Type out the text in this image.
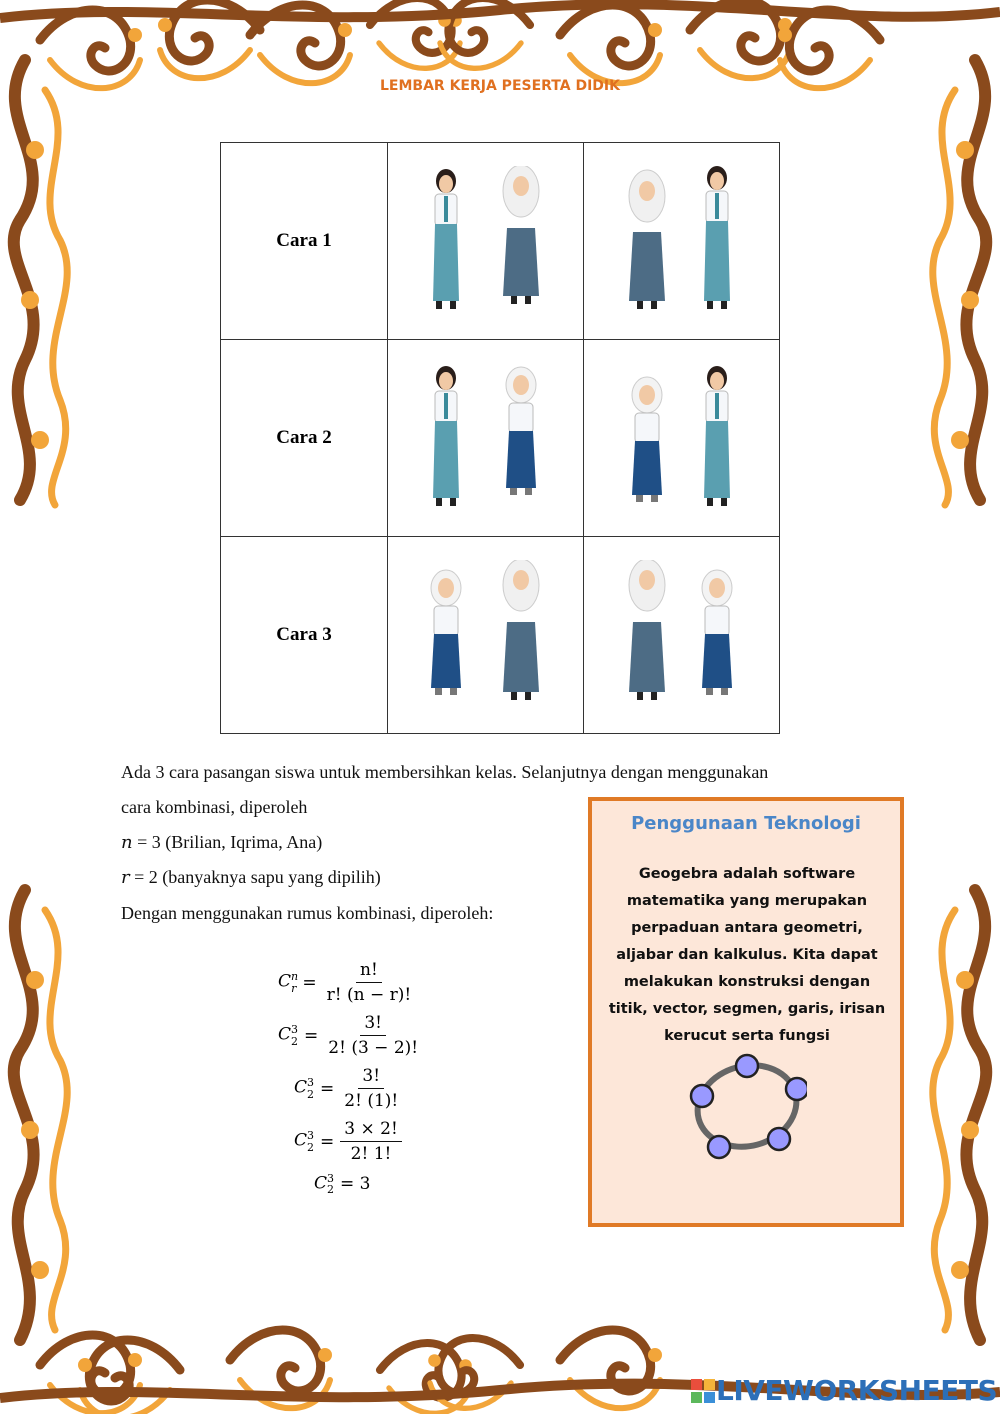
LEMBAR KERJA PESERTA DIDIK
Cara 1	

Cara 2	

Cara 3	

Ada 3 cara pasangan siswa untuk membersihkan kelas. Selanjutnya dengan menggunakan
cara kombinasi, diperoleh
n = 3 (Brilian, Iqrima, Ana)
r = 2 (banyaknya sapu yang dipilih)
Dengan menggunakan rumus kombinasi, diperoleh:
$C^n_r = \frac{n!}{r! (n - r)!}$
$C^3_2 = \frac{3!}{2! (3 - 2)!}$
$C^3_2 = \frac{3!}{2! (1)!}$
$C^3_2 = \frac{3 \times 2!}{2! 1!}$
$C^3_2 = 3$
Penggunaan Teknologi
Geogebra adalah software matematika yang merupakan perpaduan antara geometri, aljabar dan kalkulus. Kita dapat melakukan konstruksi dengan titik, vector, segmen, garis, irisan kerucut serta fungsi
LIVEWORKSHEETS
